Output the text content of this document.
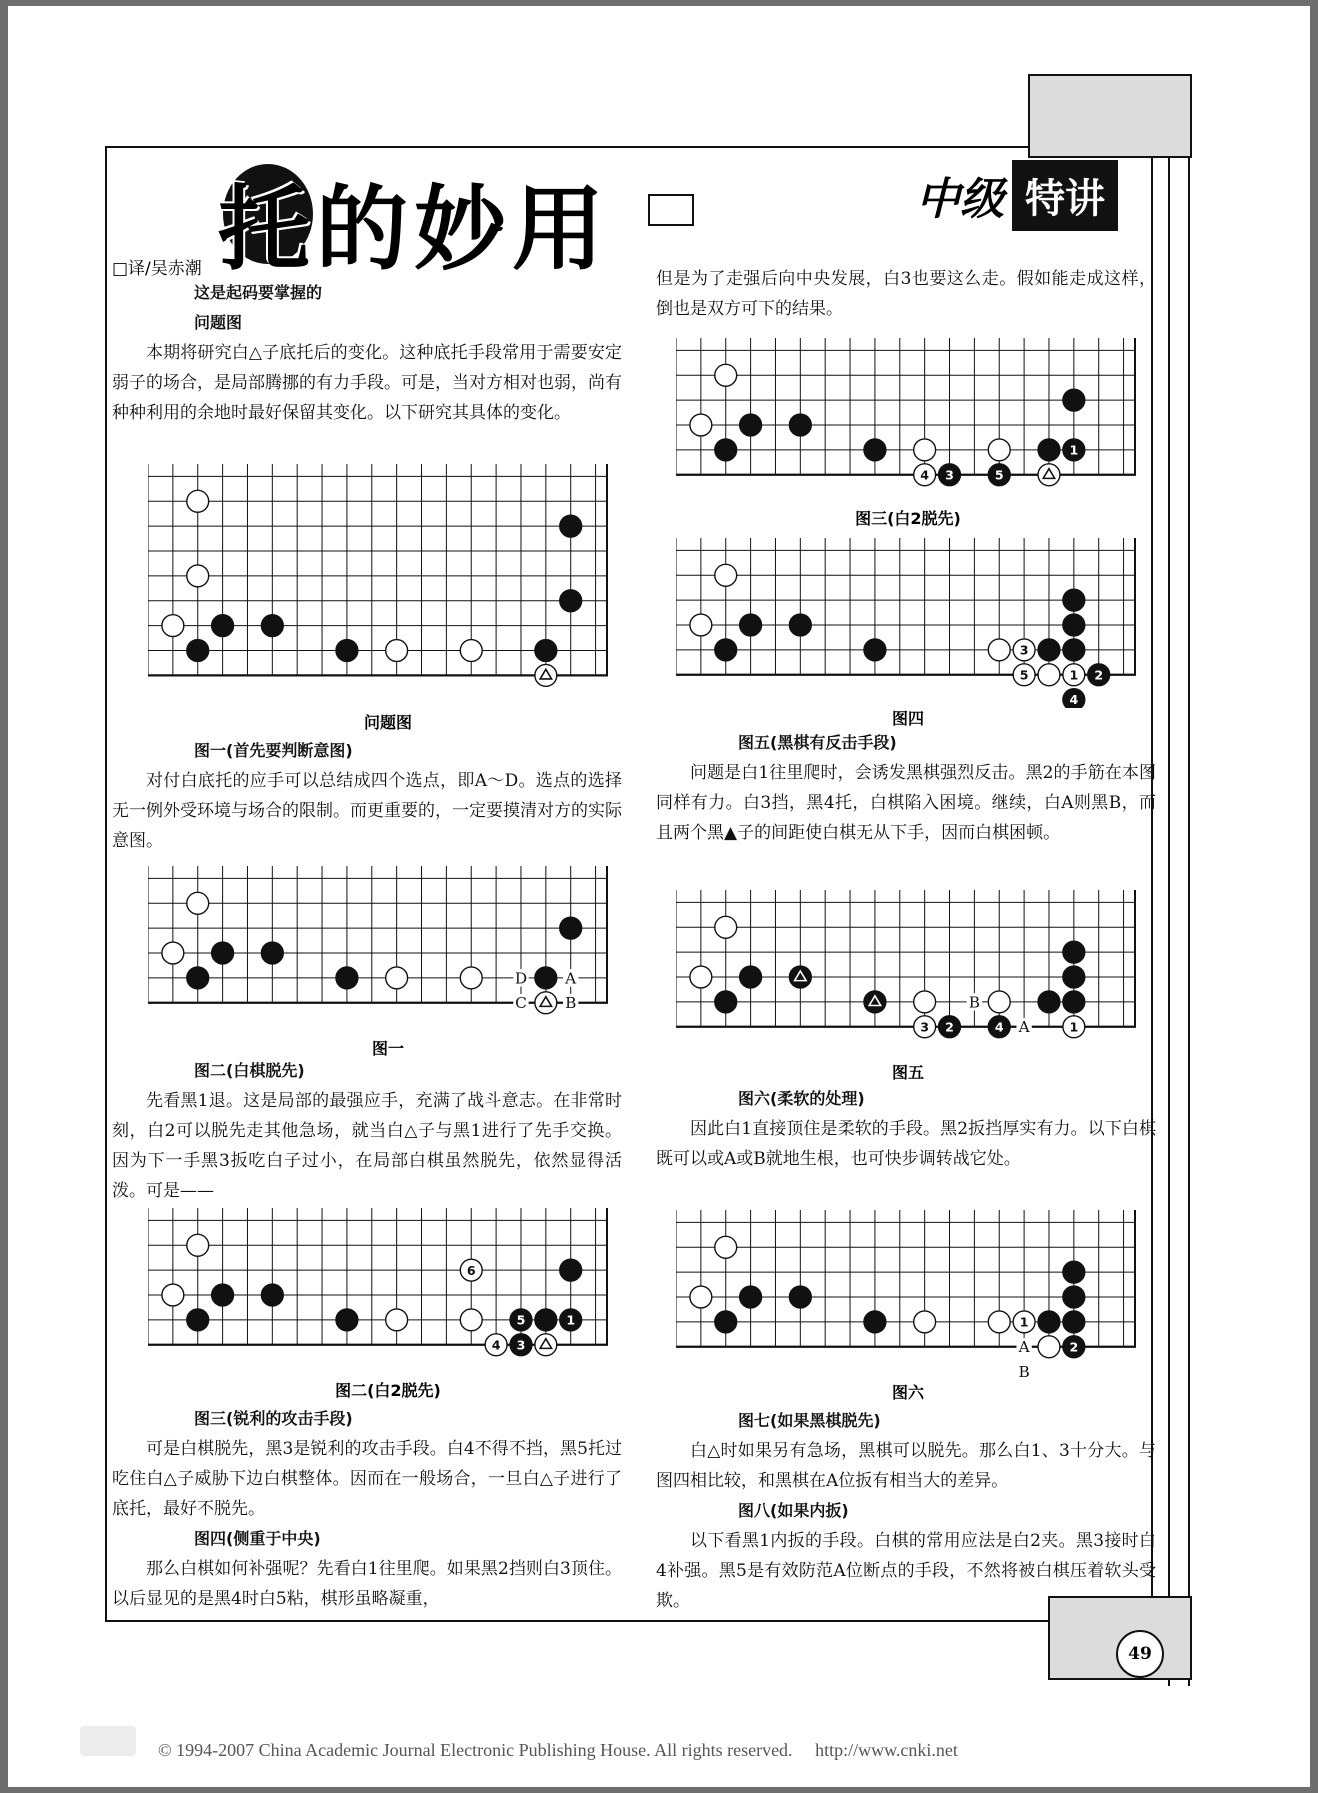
托的妙用	中级 特讲
□译/吴赤潮

这是起码要掌握的

问题图

本期将研究白△子底托后的变化。这种底托手段常用于需要安定弱子的场合，是局部腾挪的有力手段。可是，当对方相对也弱，尚有种种利用的余地时最好保留其变化。以下研究其具体的变化。

问题图

图一(首先要判断意图)

对付白底托的应手可以总结成四个选点，即A～D。选点的选择无一例外受环境与场合的限制。而更重要的，一定要摸清对方的实际意图。

D A
C B
图一

图二(白棋脱先)

先看黑1退。这是局部的最强应手，充满了战斗意志。在非常时刻，白2可以脱先走其他急场，就当白△子与黑1进行了先手交换。因为下一手黑3扳吃白子过小，在局部白棋虽然脱先，依然显得活泼。可是——

1
6
3
4
5
图二(白2脱先)

图三(锐利的攻击手段)

可是白棋脱先，黑3是锐利的攻击手段。白4不得不挡，黑5托过吃住白△子威胁下边白棋整体。因而在一般场合，一旦白△子进行了底托，最好不脱先。

图四(侧重于中央)

那么白棋如何补强呢？先看白1往里爬。如果黑2挡则白3顶住。以后显见的是黑4时白5粘，棋形虽略凝重，

但是为了走强后向中央发展，白3也要这么走。假如能走成这样，倒也是双方可下的结果。

1
4 3	5
图三(白2脱先)
3
1 2
5
4
图四

图五(黑棋有反击手段)

问题是白1往里爬时，会诱发黑棋强烈反击。黑2的手筋在本图同样有力。白3挡，黑4托，白棋陷入困境。继续，白A则黑B，而且两个黑▲子的间距使白棋无从下手，因而白棋困顿。

1
3 2	4
B
A
图五

图六(柔软的处理)

因此白1直接顶住是柔软的手段。黑2扳挡厚实有力。以下白棋既可以或A或B就地生根，也可快步调转战它处。

1
2
A
B
图六

图七(如果黑棋脱先)

白△时如果另有急场，黑棋可以脱先。那么白1、3十分大。与图四相比较，和黑棋在A位扳有相当大的差异。

图八(如果内扳)

以下看黑1内扳的手段。白棋的常用应法是白2夹。黑3接时白4补强。黑5是有效防范A位断点的手段，不然将被白棋压着软头受欺。

49
© 1994-2007 China Academic Journal Electronic Publishing House. All rights reserved. http://www.cnki.net
